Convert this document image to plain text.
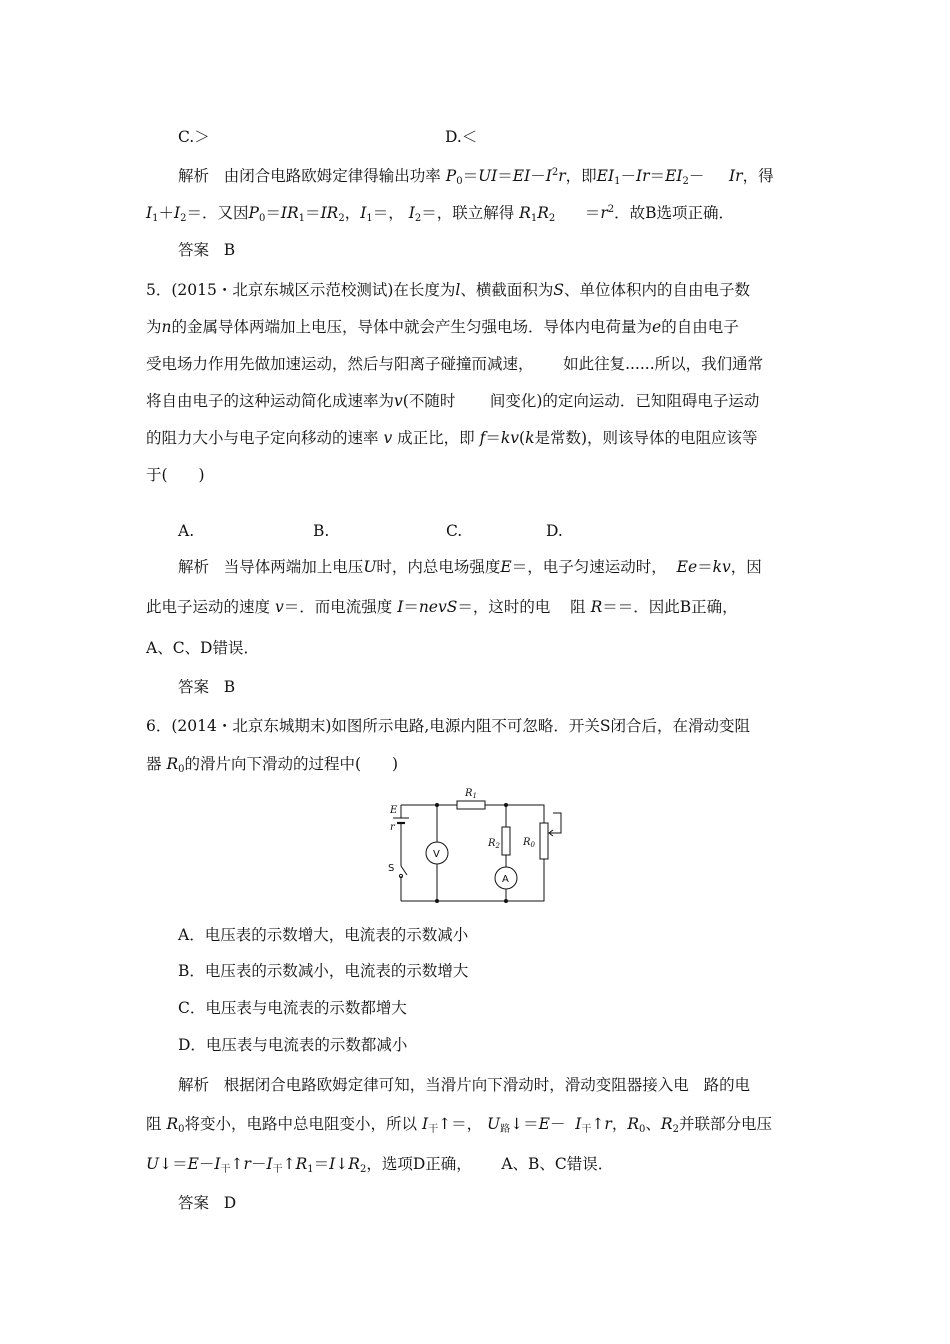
C.＞	D.＜
解析 由闭合电路欧姆定律得输出功率 $P_0=UI=EI-I^2r$，即$EI_1-Ir=EI_2-$     Ir，得
$I_1+I_2=$．又因$P_0=IR_1=IR_2$，$I_1=$， $I_2=$，联立解得 $R_1R_2$      $=r^2$．故B选项正确．
答案 B
5．(2015・北京东城区示范校测试)在长度为l、横截面积为S、单位体积内的自由电子数
为n的金属导体两端加上电压，导体中就会产生匀强电场．导体内电荷量为e的自由电子
受电场力作用先做加速运动，然后与阳离子碰撞而减速， 如此往复......所以，我们通常
将自由电子的这种运动简化成速率为v(不随时 间变化)的定向运动．已知阻碍电子运动
的阻力大小与电子定向移动的速率 v 成正比，即 f＝kv(k是常数)，则该导体的电阻应该等
于(　　)
A.	B.	C.	D.
解析 当导体两端加上电压U时，内总电场强度E＝，电子匀速运动时， Ee＝kv，因
此电子运动的速度 v＝．而电流强度 I＝nevS＝，这时的电 阻 R＝＝．因此B正确，
A、C、D错误．
答案 B
6．(2014・北京东城期末)如图所示电路,电源内阻不可忽略．开关S闭合后，在滑动变阻
器 $R_0$的滑片向下滑动的过程中(　　)
E
r
S
V
A
$R_1$
$R_2$ $R_0$
A．电压表的示数增大，电流表的示数减小
B．电压表的示数减小，电流表的示数增大
C．电压表与电流表的示数都增大
D．电压表与电流表的示数都减小
解析 根据闭合电路欧姆定律可知，当滑片向下滑动时，滑动变阻器接入电 路的电
阻 $R_0$将变小，电路中总电阻变小，所以 $I_干↑=$， $U_路↓=E-$  $I_干↑r$，$R_0$、$R_2$并联部分电压
$U↓=E-I_干↑r-I_干↑R_1=I↓R_2$，选项D正确， A、B、C错误．
答案 D
